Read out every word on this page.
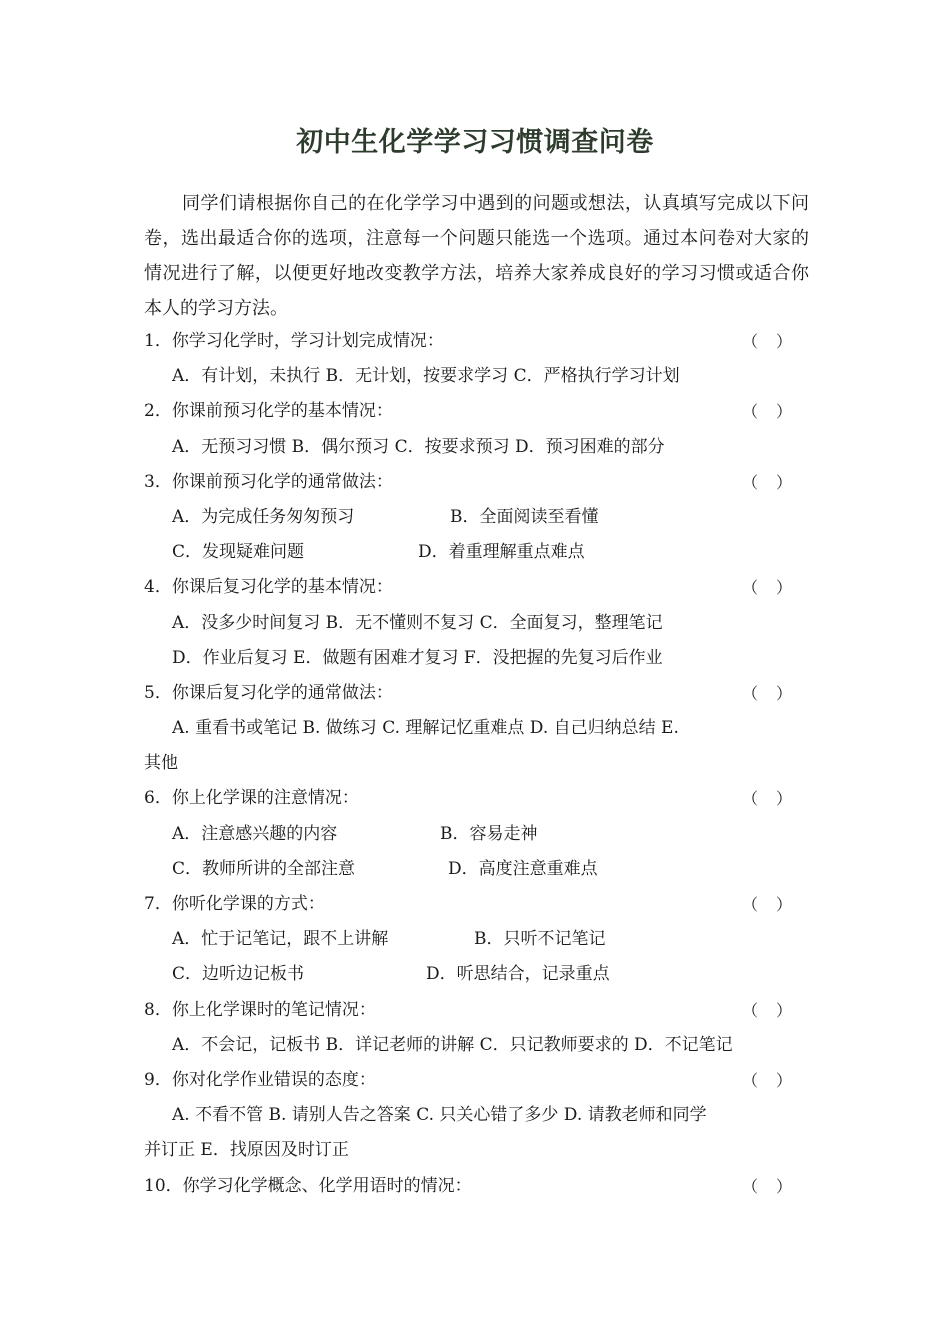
初中生化学学习习惯调查问卷
同学们请根据你自己的在化学学习中遇到的问题或想法，认真填写完成以下问卷，选出最适合你的选项，注意每一个问题只能选一个选项。通过本问卷对大家的情况进行了解，以便更好地改变教学方法，培养大家养成良好的学习习惯或适合你本人的学习方法。
1．你学习化学时，学习计划完成情况：	（　）
A．有计划，未执行 B．无计划，按要求学习 C．严格执行学习计划
2．你课前预习化学的基本情况：	（　）
A．无预习习惯 B．偶尔预习 C．按要求预习 D．预习困难的部分
3．你课前预习化学的通常做法：	（　）
A．为完成任务匆匆预习	B．全面阅读至看懂
C．发现疑难问题	D．着重理解重点难点
4．你课后复习化学的基本情况：	（　）
A．没多少时间复习 B．无不懂则不复习 C．全面复习，整理笔记
D．作业后复习 E．做题有困难才复习 F．没把握的先复习后作业
5．你课后复习化学的通常做法：	（　）
A. 重看书或笔记 B. 做练习 C. 理解记忆重难点 D. 自己归纳总结 E.
其他
6．你上化学课的注意情况：	（　）
A．注意感兴趣的内容	B．容易走神
C．教师所讲的全部注意	D．高度注意重难点
7．你听化学课的方式：	（　）
A．忙于记笔记，跟不上讲解	B．只听不记笔记
C．边听边记板书	D．听思结合，记录重点
8．你上化学课时的笔记情况：	（　）
A．不会记，记板书 B．详记老师的讲解 C．只记教师要求的 D．不记笔记
9．你对化学作业错误的态度：	（　）
A. 不看不管 B. 请别人告之答案 C. 只关心错了多少 D. 请教老师和同学
并订正 E．找原因及时订正
10．你学习化学概念、化学用语时的情况：	（　）
